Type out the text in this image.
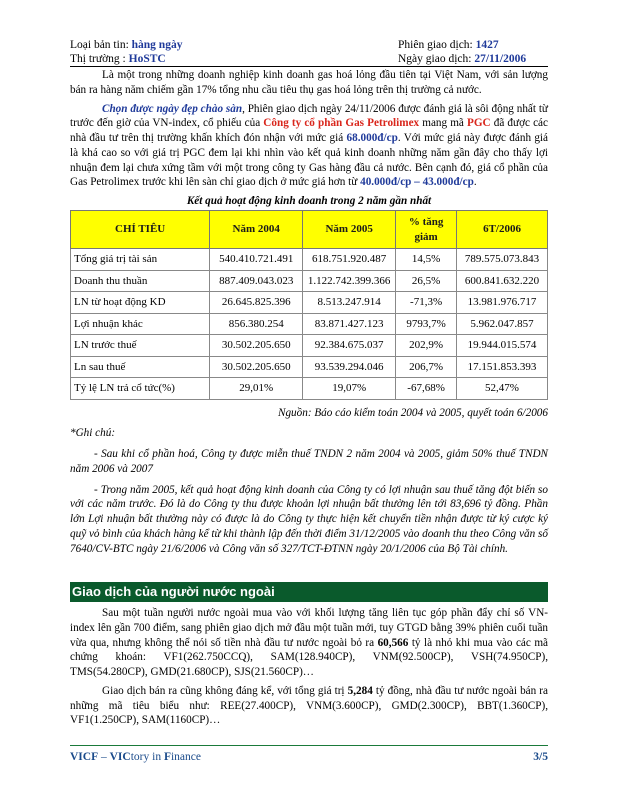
Loại bản tin: hàng ngày	Phiên giao dịch: 1427
Thị trường : HoSTC	Ngày giao dịch: 27/11/2006

Là một trong những doanh nghiệp kinh doanh gas hoá lỏng đầu tiên tại Việt Nam, với sản lượng bán ra hàng năm chiếm gần 17% tổng nhu cầu tiêu thụ gas hoá lỏng trên thị trường cả nước.

Chọn được ngày đẹp chào sàn, Phiên giao dịch ngày 24/11/2006 được đánh giá là sôi động nhất từ trước đến giờ của VN-index, cổ phiếu của Công ty cổ phần Gas Petrolimex mang mã PGC đã được các nhà đầu tư trên thị trường khấn khích đón nhận với mức giá 68.000đ/cp. Với mức giá này được đánh giá là khá cao so với giá trị PGC đem lại khi nhìn vào kết quả kinh doanh những năm gần đây cho thấy lợi nhuận đem lại chưa xứng tầm với một trong công ty Gas hàng đầu cả nước. Bên cạnh đó, giá cổ phần của Gas Petrolimex trước khi lên sàn chỉ giao dịch ở mức giá hơn từ 40.000đ/cp – 43.000đ/cp.

Kết quả hoạt động kinh doanh trong 2 năm gần nhất
CHỈ TIÊU	Năm 2004	Năm 2005	% tăng giảm	6T/2006
Tổng giá trị tài sản	540.410.721.491	618.751.920.487	14,5%	789.575.073.843
Doanh thu thuần	887.409.043.023	1.122.742.399.366	26,5%	600.841.632.220
LN từ hoạt động KD	26.645.825.396	8.513.247.914	-71,3%	13.981.976.717
Lợi nhuận khác	856.380.254	83.871.427.123	9793,7%	5.962.047.857
LN trước thuế	30.502.205.650	92.384.675.037	202,9%	19.944.015.574
Ln sau thuế	30.502.205.650	93.539.294.046	206,7%	17.151.853.393
Tỷ lệ LN trả cổ tức(%)	29,01%	19,07%	-67,68%	52,47%
Nguồn: Báo cáo kiểm toán 2004 và 2005, quyết toán 6/2006
*Ghi chú:

- Sau khi cổ phần hoá, Công ty được miễn thuế TNDN 2 năm 2004 và 2005, giảm 50% thuế TNDN năm 2006 và 2007

- Trong năm 2005, kết quả hoạt động kinh doanh của Công ty có lợi nhuận sau thuế tăng đột biến so với các năm trước. Đó là do Công ty thu được khoản lợi nhuận bất thường lên tới 83,696 tỷ đồng. Phần lớn Lợi nhuận bất thường này có được là do Công ty thực hiện kết chuyển tiền nhận được từ ký cược ký quỹ vỏ bình của khách hàng kể từ khi thành lập đến thời điểm 31/12/2005 vào doanh thu theo Công văn số 7640/CV-BTC ngày 21/6/2006 và Công văn số 327/TCT-ĐTNN ngày 20/1/2006 của Bộ Tài chính.

Giao dịch của người nước ngoài

Sau một tuần người nước ngoài mua vào với khối lượng tăng liên tục góp phần đẩy chỉ số VN-index lên gần 700 điểm, sang phiên giao dịch mở đầu một tuần mới, tuy GTGD bằng 39% phiên cuối tuần vừa qua, nhưng không thể nói số tiền nhà đầu tư nước ngoài bỏ ra 60,566 tỷ là nhỏ khi mua vào các mã chứng khoán: VF1(262.750CCQ), SAM(128.940CP), VNM(92.500CP), VSH(74.950CP), TMS(54.280CP), GMD(21.680CP), SJS(21.560CP)…

Giao dịch bán ra cũng không đáng kể, với tổng giá trị 5,284 tỷ đồng, nhà đầu tư nước ngoài bán ra những mã tiêu biểu như: REE(27.400CP), VNM(3.600CP), GMD(2.300CP), BBT(1.360CP), VF1(1.250CP), SAM(1160CP)…

VICF – VICtory in Finance	3/5
